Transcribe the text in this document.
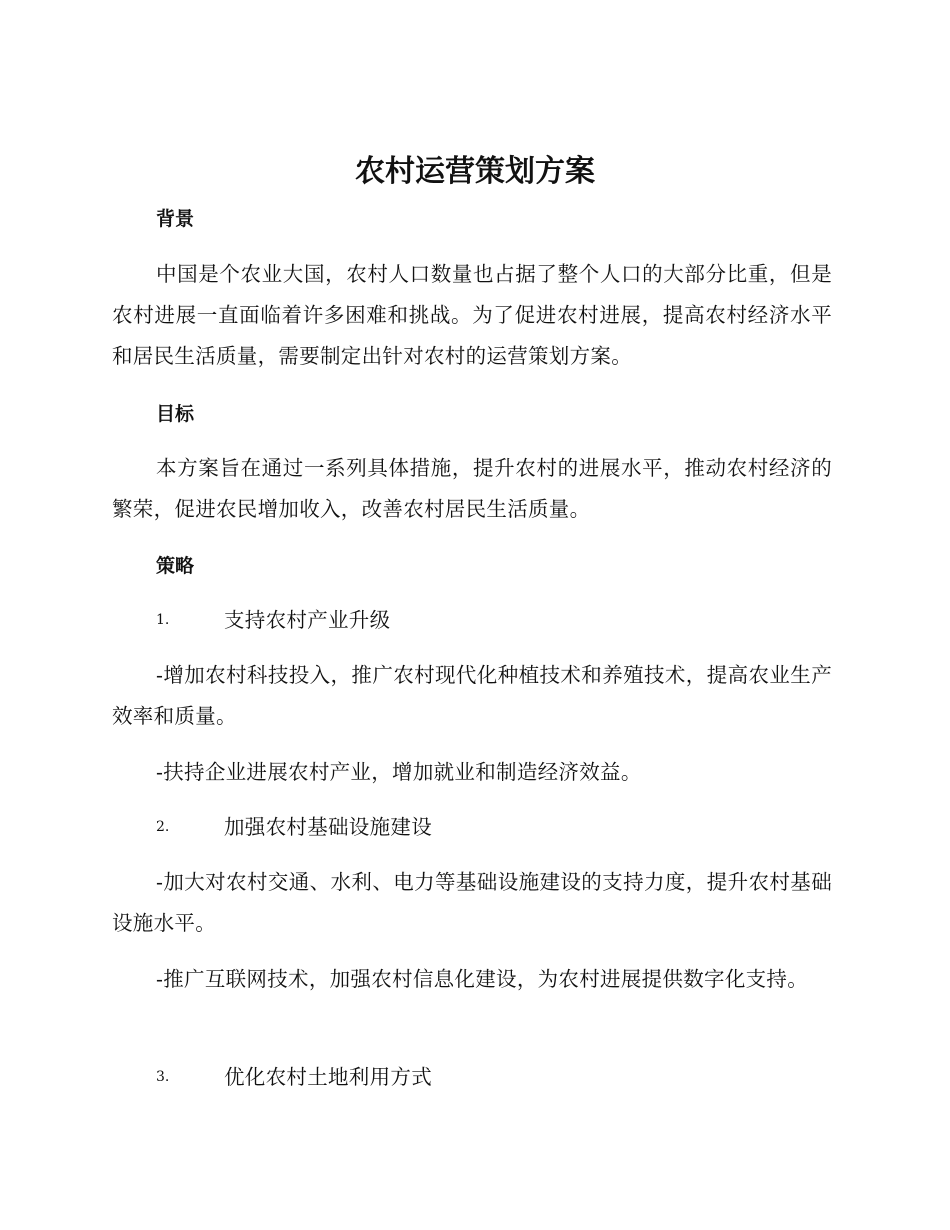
农村运营策划方案
背景

中国是个农业大国，农村人口数量也占据了整个人口的大部分比重，但是农村进展一直面临着许多困难和挑战。为了促进农村进展，提高农村经济水平和居民生活质量，需要制定出针对农村的运营策划方案。

目标

本方案旨在通过一系列具体措施，提升农村的进展水平，推动农村经济的繁荣，促进农民增加收入，改善农村居民生活质量。

策略
1.	支持农村产业升级

-增加农村科技投入，推广农村现代化种植技术和养殖技术，提高农业生产效率和质量。

-扶持企业进展农村产业，增加就业和制造经济效益。

2.	加强农村基础设施建设

-加大对农村交通、水利、电力等基础设施建设的支持力度，提升农村基础设施水平。

-推广互联网技术，加强农村信息化建设，为农村进展提供数字化支持。

3.	优化农村土地利用方式
